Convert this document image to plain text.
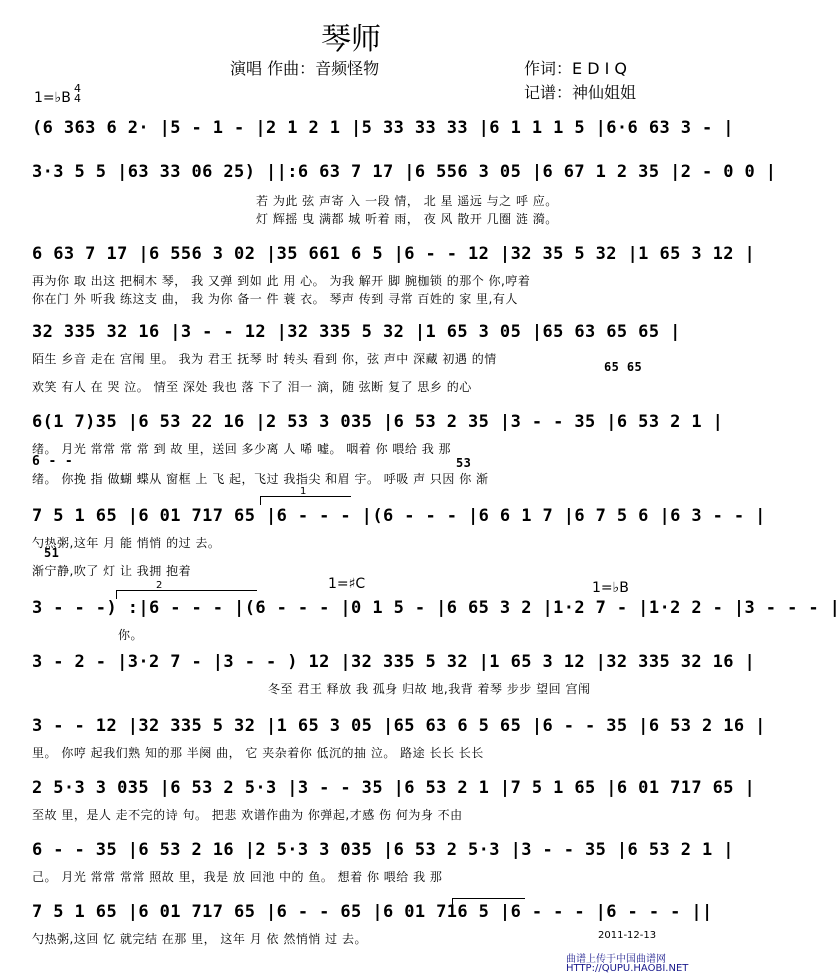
琴师
演唱 作曲：音频怪物	作词：E D I Q
记谱：神仙姐姐
1=♭B
4
4
(6 363 6 2· |5 - 1 - |2 1 2 1 |5 33 33 33 |6 1 1 1 5 |6·6 63 3 - |
3·3 5 5 |63 33 06 25) ||:6 63 7 17 |6 556 3 05 |6 67 1 2 35 |2 - 0 0 |
若 为此 弦 声寄 入 一段 情， 北 星 遥远 与之 呼 应。
灯 辉摇 曳 满都 城 听着 雨， 夜 风 散开 几圈 涟 漪。
6 63 7 17 |6 556 3 02 |35 661 6 5 |6 - - 12 |32 35 5 32 |1 65 3 12 |
再为你 取 出这 把桐木 琴， 我 又弹 到如 此 用 心。 为我 解开 脚 腕枷锁 的那个 你,哼着
你在门 外 听我 练这支 曲， 我 为你 备一 件 蓑 衣。 琴声 传到 寻常 百姓的 家 里,有人
32 335 32 16 |3 - - 12 |32 335 5 32 |1 65 3 05 |65 63 65 65 |
陌生 乡音 走在 宫闱 里。 我为 君王 抚琴 时 转头 看到 你，弦 声中 深藏 初遇 的情
65 65
欢笑 有人 在 哭 泣。 情至 深处 我也 落 下了 泪一 滴，随 弦断 复了 思乡 的心
6(1 7)35 |6 53 22 16 |2 53 3 035 |6 53 2 35 |3 - - 35 |6 53 2 1 |
绪。 月光 常常 常 常 到 故 里，送回 多少离 人 唏 嘘。 咽着 你 喂给 我 那
6 - -	53
绪。 你挽 指 做蝴 蝶从 窗框 上 飞 起，飞过 我指尖 和眉 宇。 呼吸 声 只因 你 渐
1
7 5 1 65 |6 01 717 65 |6 - - - |(6 - - - |6 6 1 7 |6 7 5 6 |6 3 - - |
勺热粥,这年 月 能 悄悄 的过 去。
51
渐宁静,吹了 灯 让 我拥 抱着
2	1=♯C	1=♭B
3 - - -) :|6 - - - |(6 - - - |0 1 5 - |6 65 3 2 |1·2 7 - |1·2 2 - |3 - - - |
你。
3 - 2 - |3·2 7 - |3 - - ) 12 |32 335 5 32 |1 65 3 12 |32 335 32 16 |
冬至 君王 释放 我 孤身 归故 地,我背 着琴 步步 望回 宫闱
3 - - 12 |32 335 5 32 |1 65 3 05 |65 63 6 5 65 |6 - - 35 |6 53 2 16 |
里。 你哼 起我们熟 知的那 半阕 曲， 它 夹杂着你 低沉的抽 泣。 路途 长长 长长
2 5·3 3 035 |6 53 2 5·3 |3 - - 35 |6 53 2 1 |7 5 1 65 |6 01 717 65 |
至故 里，是人 走不完的诗 句。 把悲 欢谱作曲为 你弹起,才感 伤 何为身 不由
6 - - 35 |6 53 2 16 |2 5·3 3 035 |6 53 2 5·3 |3 - - 35 |6 53 2 1 |
己。 月光 常常 常常 照故 里，我是 放 回池 中的 鱼。 想着 你 喂给 我 那
7 5 1 65 |6 01 717 65 |6 - - 65 |6 01 716 5 |6 - - - |6 - - - ||
勺热粥,这回 忆 就完结 在那 里， 这年 月 依 然悄悄 过 去。	2011-12-13
曲谱上传于中国曲谱网
HTTP://QUPU.HAOBI.NET
